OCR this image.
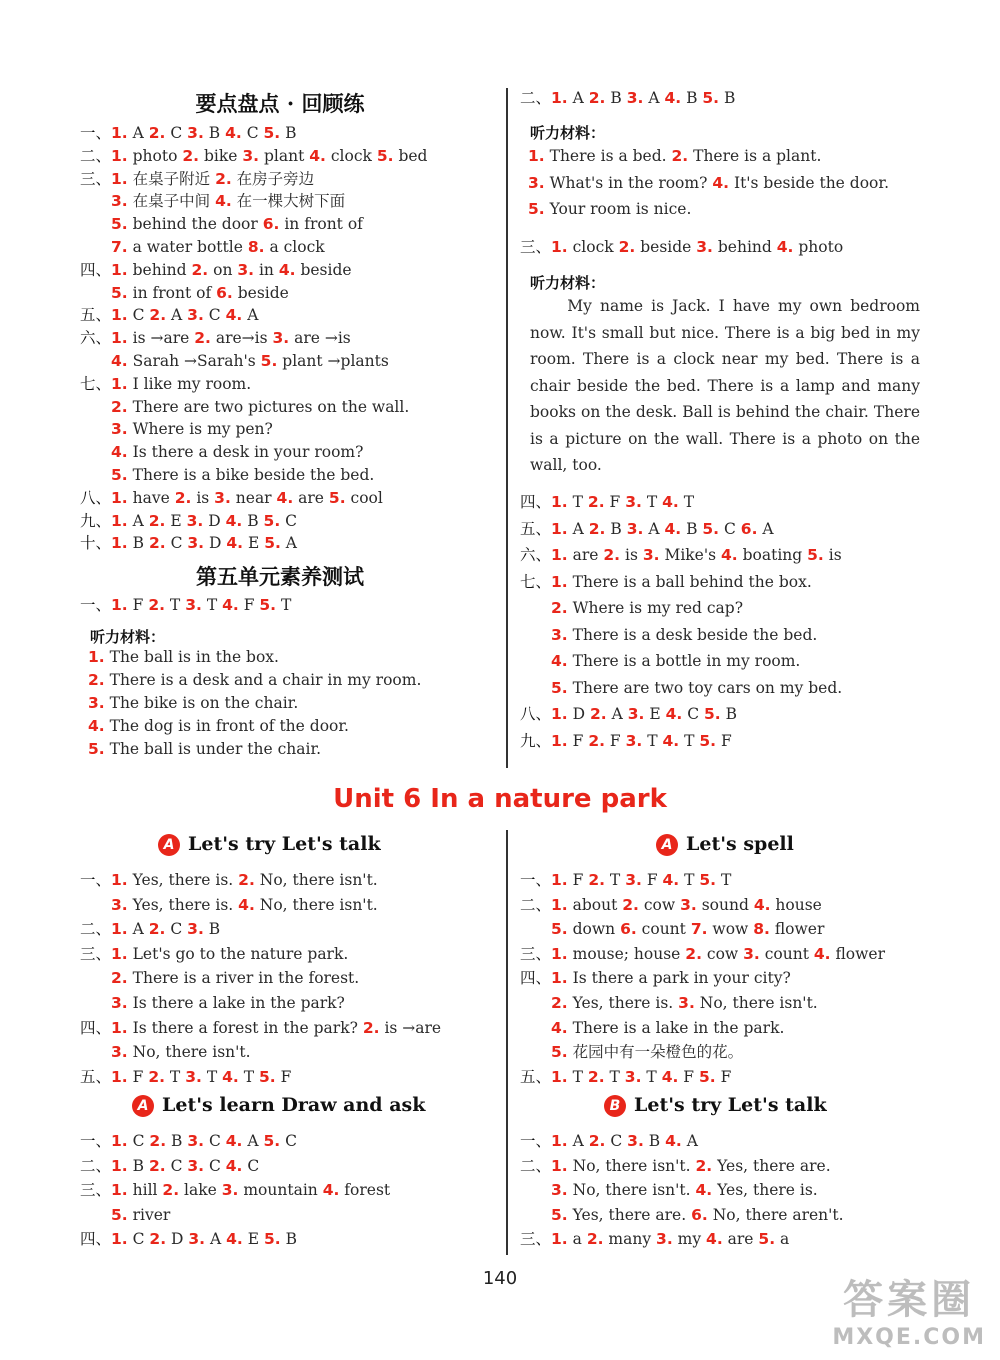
要点盘点 · 回顾练
一、1. A 2. C 3. B 4. C 5. B
二、1. photo 2. bike 3. plant 4. clock 5. bed
三、1. 在桌子附近 2. 在房子旁边
　　3. 在桌子中间 4. 在一棵大树下面
　　5. behind the door 6. in front of
　　7. a water bottle 8. a clock
四、1. behind 2. on 3. in 4. beside
　　5. in front of 6. beside
五、1. C 2. A 3. C 4. A
六、1. is →are 2. are→is 3. are →is
　　4. Sarah →Sarah's 5. plant →plants
七、1. I like my room.
　　2. There are two pictures on the wall.
　　3. Where is my pen?
　　4. Is there a desk in your room?
　　5. There is a bike beside the bed.
八、1. have 2. is 3. near 4. are 5. cool
九、1. A 2. E 3. D 4. B 5. C
十、1. B 2. C 3. D 4. E 5. A
第五单元素养测试
一、1. F 2. T 3. T 4. F 5. T
听力材料：
1. The ball is in the box.
2. There is a desk and a chair in my room.
3. The bike is on the chair.
4. The dog is in front of the door.
5. The ball is under the chair.
二、1. A 2. B 3. A 4. B 5. B
听力材料：
1. There is a bed. 2. There is a plant.
3. What's in the room? 4. It's beside the door.
5. Your room is nice.
三、1. clock 2. beside 3. behind 4. photo
听力材料：
　　My name is Jack. I have my own bedroom now. It's small but nice. There is a big bed in my room. There is a clock near my bed. There is a chair beside the bed. There is a lamp and many books on the desk. Ball is behind the chair. There is a picture on the wall. There is a photo on the wall, too.
四、1. T 2. F 3. T 4. T
五、1. A 2. B 3. A 4. B 5. C 6. A
六、1. are 2. is 3. Mike's 4. boating 5. is
七、1. There is a ball behind the box.
　　2. Where is my red cap?
　　3. There is a desk beside the bed.
　　4. There is a bottle in my room.
　　5. There are two toy cars on my bed.
八、1. D 2. A 3. E 4. C 5. B
九、1. F 2. F 3. T 4. T 5. F
Unit 6 In a nature park
A Let's try Let's talk
一、1. Yes, there is. 2. No, there isn't.
　　3. Yes, there is. 4. No, there isn't.
二、1. A 2. C 3. B
三、1. Let's go to the nature park.
　　2. There is a river in the forest.
　　3. Is there a lake in the park?
四、1. Is there a forest in the park? 2. is →are
　　3. No, there isn't.
五、1. F 2. T 3. T 4. T 5. F
A Let's learn Draw and ask
一、1. C 2. B 3. C 4. A 5. C
二、1. B 2. C 3. C 4. C
三、1. hill 2. lake 3. mountain 4. forest
　　5. river
四、1. C 2. D 3. A 4. E 5. B
A Let's spell
一、1. F 2. T 3. F 4. T 5. T
二、1. about 2. cow 3. sound 4. house
　　5. down 6. count 7. wow 8. flower
三、1. mouse; house 2. cow 3. count 4. flower
四、1. Is there a park in your city?
　　2. Yes, there is. 3. No, there isn't.
　　4. There is a lake in the park.
　　5. 花园中有一朵橙色的花。
五、1. T 2. T 3. T 4. F 5. F
B Let's try Let's talk
一、1. A 2. C 3. B 4. A
二、1. No, there isn't. 2. Yes, there are.
　　3. No, there isn't. 4. Yes, there is.
　　5. Yes, there are. 6. No, there aren't.
三、1. a 2. many 3. my 4. are 5. a
140	答案圈
MXQE.COM
